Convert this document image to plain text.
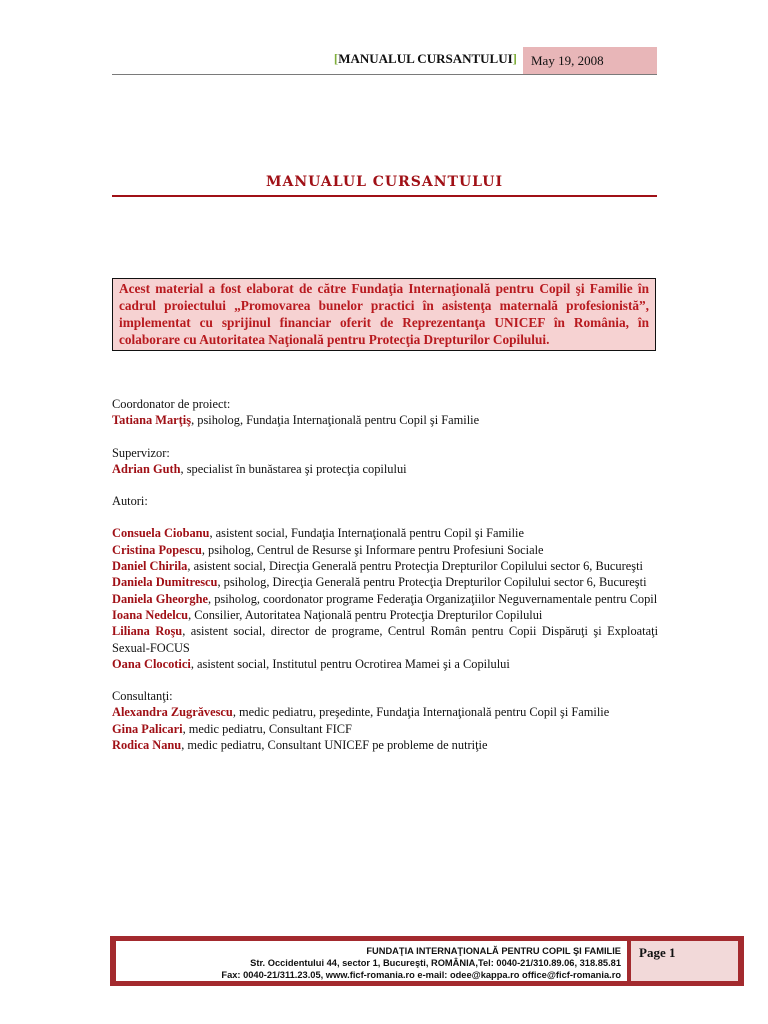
[MANUALUL CURSANTULUI]	May 19, 2008
MANUALUL CURSANTULUI
Acest material a fost elaborat de către Fundaţia Internaţională pentru Copil şi Familie în cadrul proiectului „Promovarea bunelor practici în asistenţa maternală profesionistă”, implementat cu sprijinul financiar oferit de Reprezentanţa UNICEF în România, în colaborare cu Autoritatea Naţională pentru Protecţia Drepturilor Copilului.

Coordonator de proiect:

Tatiana Marţiş, psiholog, Fundaţia Internaţională pentru Copil şi Familie

Supervizor:

Adrian Guth, specialist în bunăstarea şi protecţia copilului

Autori:

Consuela Ciobanu, asistent social, Fundaţia Internaţională pentru Copil şi Familie

Cristina Popescu, psiholog, Centrul de Resurse şi Informare pentru Profesiuni Sociale

Daniel Chirila, asistent social, Direcţia Generală pentru Protecţia Drepturilor Copilului sector 6, Bucureşti

Daniela Dumitrescu, psiholog, Direcţia Generală pentru Protecţia Drepturilor Copilului sector 6, Bucureşti

Daniela Gheorghe, psiholog, coordonator programe Federaţia Organizaţiilor Neguvernamentale pentru Copil

Ioana Nedelcu, Consilier, Autoritatea Naţională pentru Protecţia Drepturilor Copilului

Liliana Roşu, asistent social, director de programe, Centrul Român pentru Copii Dispăruţi şi Exploataţi Sexual-FOCUS

Oana Clocotici, asistent social, Institutul pentru Ocrotirea Mamei şi a Copilului

Consultanţi:

Alexandra Zugrăvescu, medic pediatru, preşedinte, Fundaţia Internaţională pentru Copil şi Familie

Gina Palicari, medic pediatru, Consultant FICF

Rodica Nanu, medic pediatru, Consultant UNICEF pe probleme de nutriţie

FUNDAŢIA INTERNAŢIONALĂ PENTRU COPIL ŞI FAMILIE
Str. Occidentului 44, sector 1, Bucureşti, ROMÂNIA,Tel: 0040-21/310.89.06, 318.85.81
Fax: 0040-21/311.23.05, www.ficf-romania.ro e-mail: odee@kappa.ro office@ficf-romania.ro
Page 1
